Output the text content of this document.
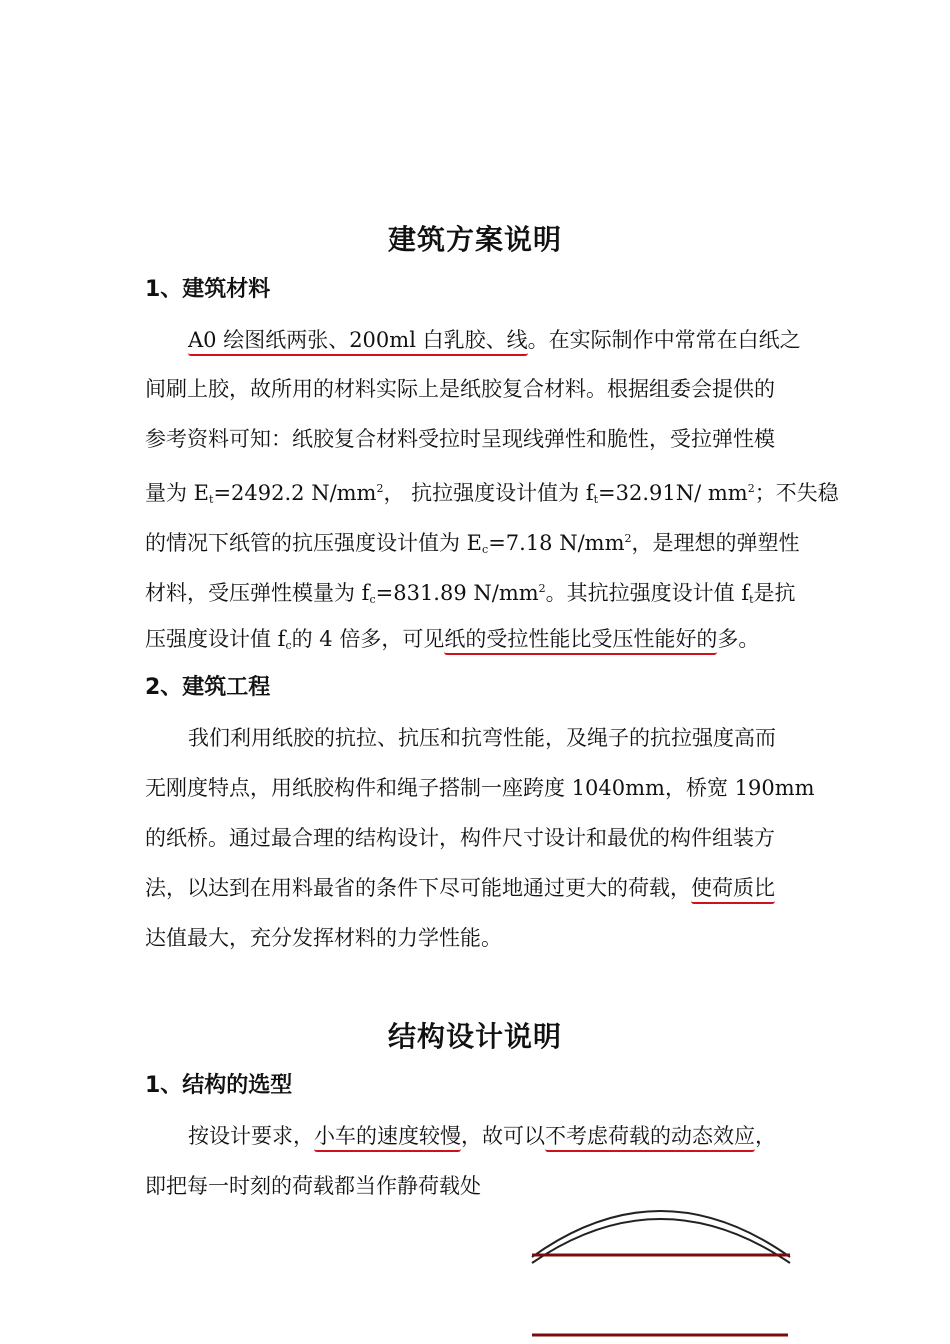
建筑方案说明
1、建筑材料
A0 绘图纸两张、200ml 白乳胶、线。在实际制作中常常在白纸之
间刷上胶，故所用的材料实际上是纸胶复合材料。根据组委会提供的
参考资料可知：纸胶复合材料受拉时呈现线弹性和脆性，受拉弹性模
量为 $E_t=2492.2$ $N/mm^2$， 抗拉强度设计值为 $f_t=32.91N/$ $mm^2$；不失稳
的情况下纸管的抗压强度设计值为 $E_c=7.18$ $N/mm^2$，是理想的弹塑性
材料，受压弹性模量为 $f_c=831.89$ $N/mm^2$。其抗拉强度设计值 $f_t$是抗
压强度设计值 $f_c$的 4 倍多，可见纸的受拉性能比受压性能好的多。
2、建筑工程
我们利用纸胶的抗拉、抗压和抗弯性能，及绳子的抗拉强度高而
无刚度特点，用纸胶构件和绳子搭制一座跨度 1040mm，桥宽 190mm
的纸桥。通过最合理的结构设计，构件尺寸设计和最优的构件组装方
法，以达到在用料最省的条件下尽可能地通过更大的荷载，使荷质比
达值最大，充分发挥材料的力学性能。
结构设计说明
1、结构的选型
按设计要求，小车的速度较慢，故可以不考虑荷载的动态效应，
即把每一时刻的荷载都当作静荷载处
